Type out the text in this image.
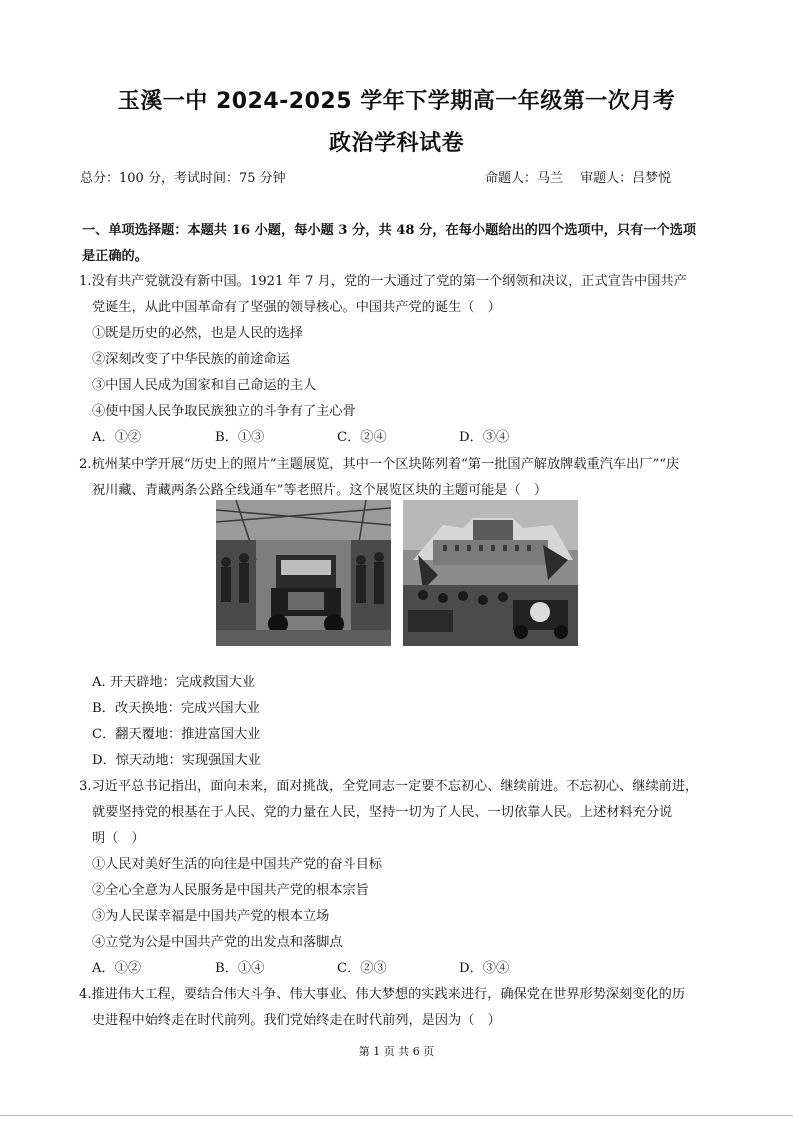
玉溪一中 2024-2025 学年下学期高一年级第一次月考
政治学科试卷
总分：100 分，考试时间：75 分钟	命题人：马兰　 审题人：吕梦悦
一、单项选择题：本题共 16 小题，每小题 3 分，共 48 分，在每小题给出的四个选项中，只有一个选项
是正确的。
1.没有共产党就没有新中国。1921 年 7 月，党的一大通过了党的第一个纲领和决议，正式宣告中国共产
党诞生，从此中国革命有了坚强的领导核心。中国共产党的诞生（　）
①既是历史的必然，也是人民的选择
②深刻改变了中华民族的前途命运
③中国人民成为国家和自己命运的主人
④使中国人民争取民族独立的斗争有了主心骨
A．①②	B．①③	C．②④	D．③④
2.杭州某中学开展“历史上的照片”主题展览，其中一个区块陈列着“第一批国产解放牌载重汽车出厂”“庆
祝川藏、青藏两条公路全线通车”等老照片。这个展览区块的主题可能是（　）
A. 开天辟地：完成救国大业
B．改天换地：完成兴国大业
C．翻天覆地：推进富国大业
D．惊天动地：实现强国大业
3.习近平总书记指出，面向未来，面对挑战，全党同志一定要不忘初心、继续前进。不忘初心、继续前进，
就要坚持党的根基在于人民、党的力量在人民，坚持一切为了人民、一切依靠人民。上述材料充分说
明（　）
①人民对美好生活的向往是中国共产党的奋斗目标
②全心全意为人民服务是中国共产党的根本宗旨
③为人民谋幸福是中国共产党的根本立场
④立党为公是中国共产党的出发点和落脚点
A．①②	B．①④	C．②③	D．③④
4.推进伟大工程，要结合伟大斗争、伟大事业、伟大梦想的实践来进行，确保党在世界形势深刻变化的历
史进程中始终走在时代前列。我们党始终走在时代前列，是因为（　）
第 1 页 共 6 页
